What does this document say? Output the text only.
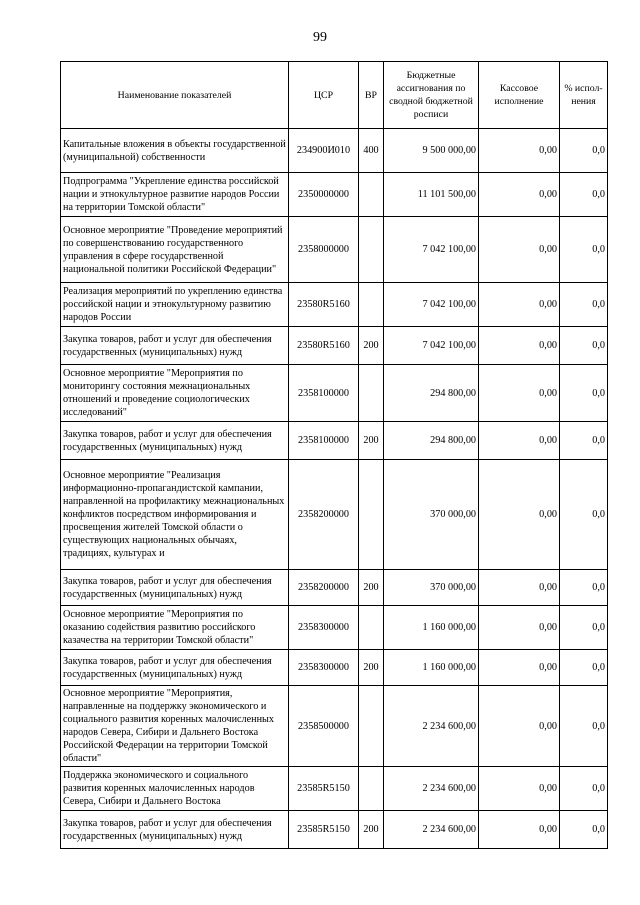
99
Наименование показателей	ЦСР	ВР	Бюджетные ассигнования по сводной бюджетной росписи	Кассовое исполнение	% испол-нения
Капитальные вложения в объекты государственной (муниципальной) собственности	234900И010	400	9 500 000,00	0,00	0,0
Подпрограмма "Укрепление единства российской нации и этнокультурное развитие народов России на территории Томской области"	2350000000		11 101 500,00	0,00	0,0
Основное мероприятие "Проведение мероприятий по совершенствованию государственного управления в сфере государственной национальной политики Российской Федерации"	2358000000		7 042 100,00	0,00	0,0
Реализация мероприятий по укреплению единства российской нации и этнокультурному развитию народов России	23580R5160		7 042 100,00	0,00	0,0
Закупка товаров, работ и услуг для обеспечения государственных (муниципальных) нужд	23580R5160	200	7 042 100,00	0,00	0,0
Основное мероприятие "Мероприятия по мониторингу состояния межнациональных отношений и проведение социологических исследований"	2358100000		294 800,00	0,00	0,0
Закупка товаров, работ и услуг для обеспечения государственных (муниципальных) нужд	2358100000	200	294 800,00	0,00	0,0
Основное мероприятие "Реализация информационно-пропагандистской кампании, направленной на профилактику межнациональных конфликтов посредством информирования и просвещения жителей Томской области о существующих национальных обычаях, традициях, культурах и	2358200000		370 000,00	0,00	0,0
Закупка товаров, работ и услуг для обеспечения государственных (муниципальных) нужд	2358200000	200	370 000,00	0,00	0,0
Основное мероприятие "Мероприятия по оказанию содействия развитию российского казачества на территории Томской области"	2358300000		1 160 000,00	0,00	0,0
Закупка товаров, работ и услуг для обеспечения государственных (муниципальных) нужд	2358300000	200	1 160 000,00	0,00	0,0
Основное мероприятие "Мероприятия, направленные на поддержку экономического и социального развития коренных малочисленных народов Севера, Сибири и Дальнего Востока Российской Федерации на территории Томской области"	2358500000		2 234 600,00	0,00	0,0
Поддержка экономического и социального развития коренных малочисленных народов Севера, Сибири и Дальнего Востока	23585R5150		2 234 600,00	0,00	0,0
Закупка товаров, работ и услуг для обеспечения государственных (муниципальных) нужд	23585R5150	200	2 234 600,00	0,00	0,0
